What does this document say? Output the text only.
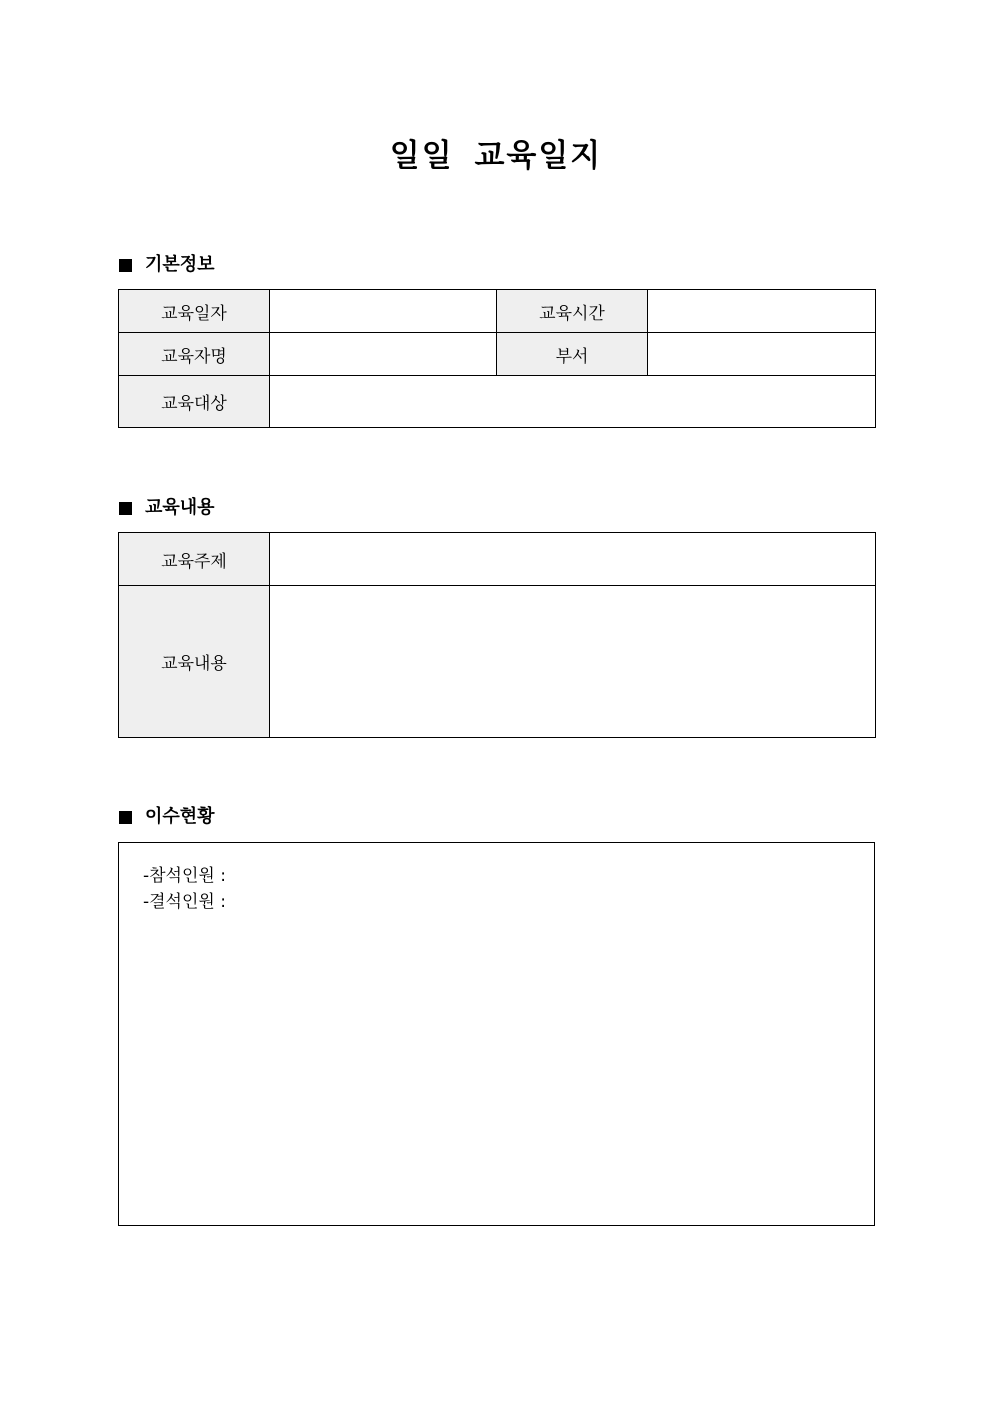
일일 교육일지
기본정보
교육일자		교육시간	
교육자명		부서	
교육대상			
교육내용
교육주제	
교육내용	
이수현황
-참석인원 :
-결석인원 :
